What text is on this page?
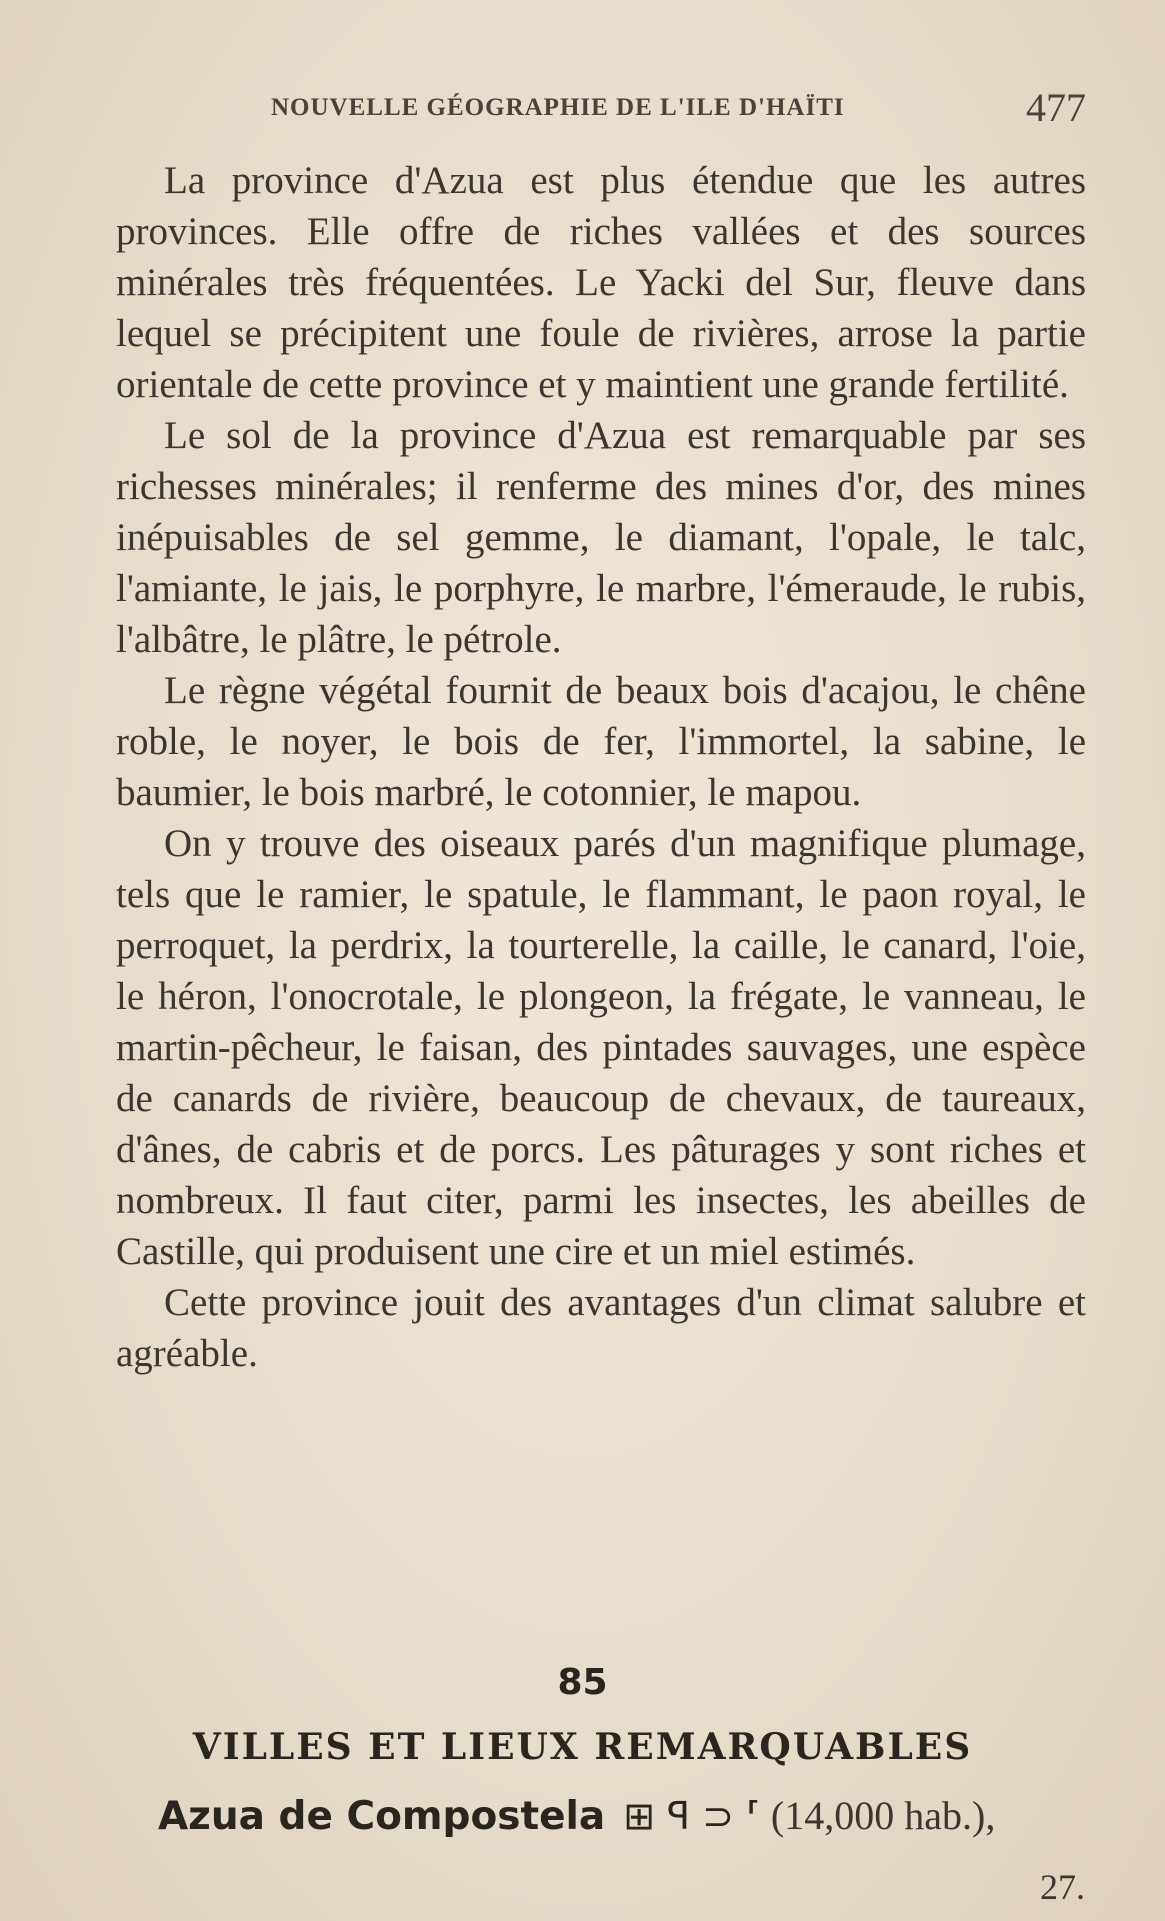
NOUVELLE GÉOGRAPHIE DE L'ILE D'HAÏTI	477

La province d'Azua est plus étendue que les autres provinces. Elle offre de riches vallées et des sources minérales très fréquentées. Le Yacki del Sur, fleuve dans lequel se précipitent une foule de rivières, arrose la partie orientale de cette province et y maintient une grande fertilité.

Le sol de la province d'Azua est remarquable par ses richesses minérales; il renferme des mines d'or, des mines inépuisables de sel gemme, le diamant, l'opale, le talc, l'amiante, le jais, le porphyre, le marbre, l'émeraude, le rubis, l'albâtre, le plâtre, le pétrole.

Le règne végétal fournit de beaux bois d'acajou, le chêne roble, le noyer, le bois de fer, l'immortel, la sabine, le baumier, le bois marbré, le cotonnier, le mapou.

On y trouve des oiseaux parés d'un magnifique plumage, tels que le ramier, le spatule, le flammant, le paon royal, le perroquet, la perdrix, la tourterelle, la caille, le canard, l'oie, le héron, l'onocrotale, le plongeon, la frégate, le vanneau, le martin-pêcheur, le faisan, des pintades sauvages, une espèce de canards de rivière, beaucoup de chevaux, de taureaux, d'ânes, de cabris et de porcs. Les pâturages y sont riches et nombreux. Il faut citer, parmi les insectes, les abeilles de Castille, qui produisent une cire et un miel estimés.

Cette province jouit des avantages d'un climat salubre et agréable.

85
VILLES ET LIEUX REMARQUABLES
Azua de Compostela ⊞ ꟼ ⊃ ⸢ (14,000 hab.),
27.
